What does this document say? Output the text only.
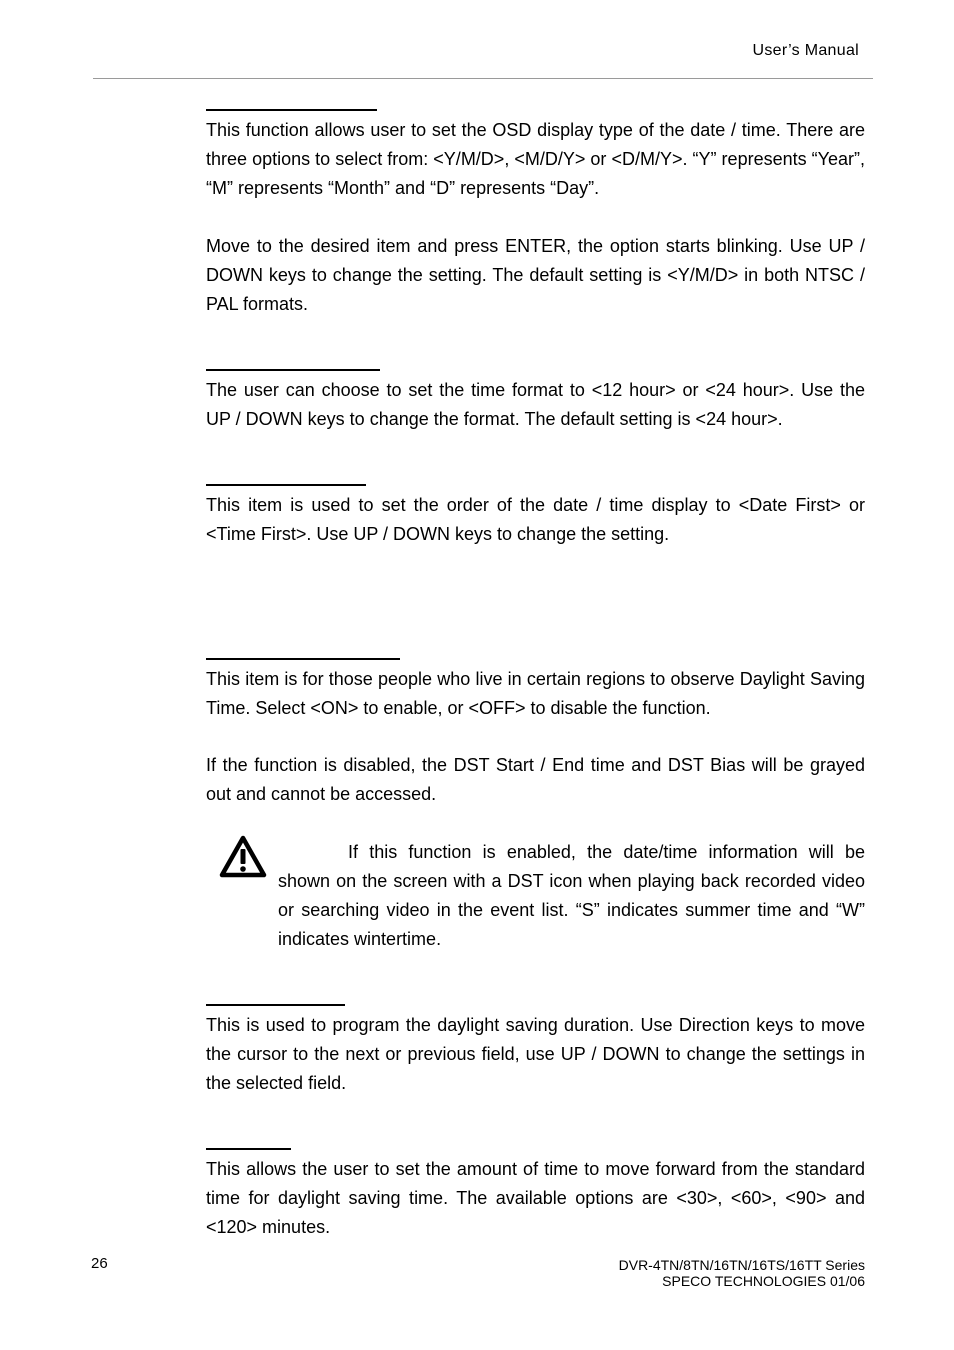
User’s Manual

This function allows user to set the OSD display type of the date / time. There are three options to select from: <Y/M/D>, <M/D/Y> or <D/M/Y>. “Y” represents “Year”, “M” represents “Month” and “D” represents “Day”.

Move to the desired item and press ENTER, the option starts blinking. Use UP / DOWN keys to change the setting. The default setting is <Y/M/D> in both NTSC / PAL formats.

The user can choose to set the time format to <12 hour> or <24 hour>. Use the UP / DOWN keys to change the format. The default setting is <24 hour>.

This item is used to set the order of the date / time display to <Date First> or <Time First>. Use UP / DOWN keys to change the setting.

This item is for those people who live in certain regions to observe Daylight Saving Time. Select <ON> to enable, or <OFF> to disable the function.

If the function is disabled, the DST Start / End time and DST Bias will be grayed out and cannot be accessed.

If this function is enabled, the date/time information will be shown on the screen with a DST icon when playing back recorded video or searching video in the event list. “S” indicates summer time and “W” indicates wintertime.

This is used to program the daylight saving duration. Use Direction keys to move the cursor to the next or previous field, use UP / DOWN to change the settings in the selected field.

This allows the user to set the amount of time to move forward from the standard time for daylight saving time. The available options are <30>, <60>, <90> and <120> minutes.

26	DVR-4TN/8TN/16TN/16TS/16TT Series
SPECO TECHNOLOGIES 01/06
